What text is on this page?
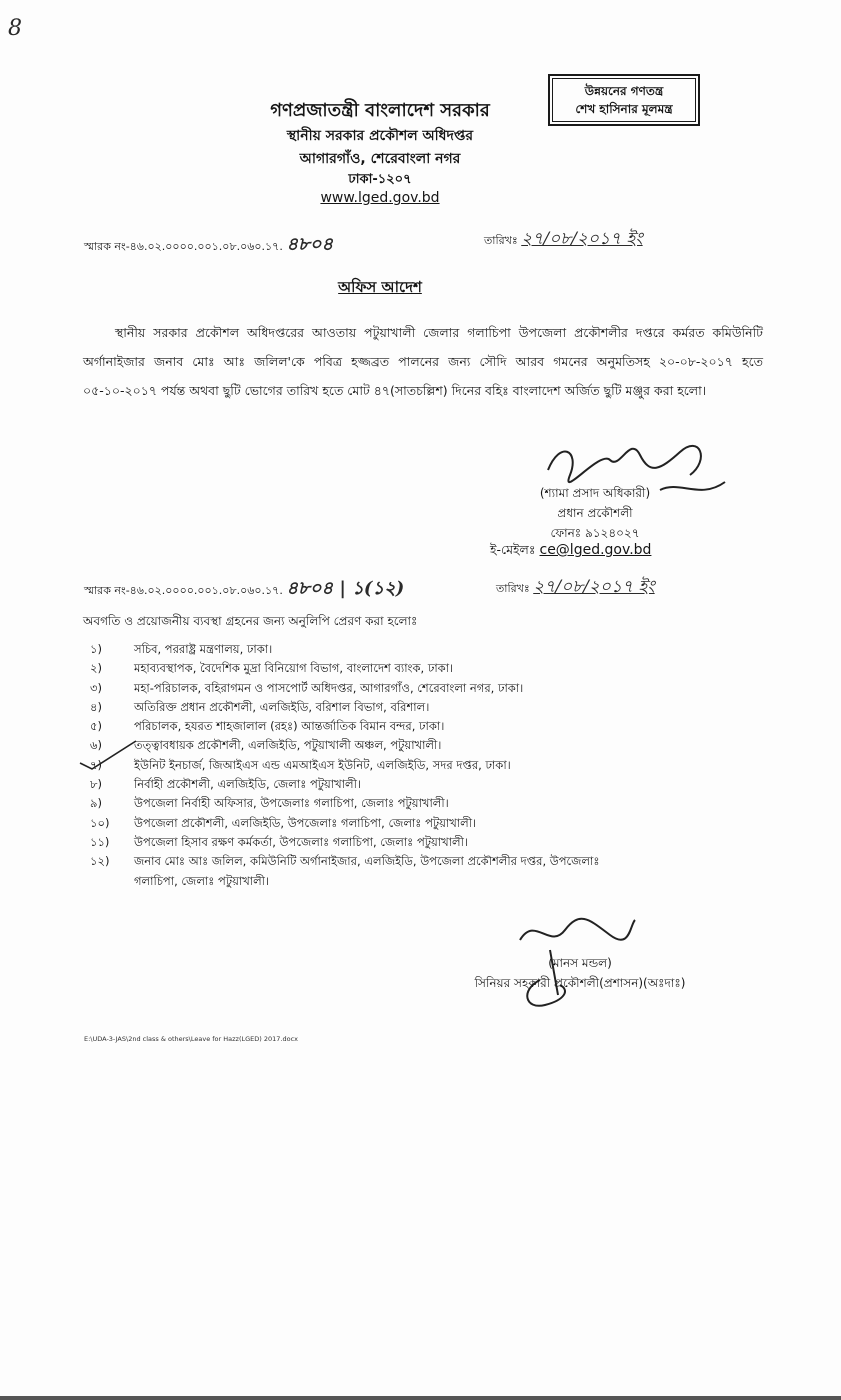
8
উন্নয়নের গণতন্ত্র
শেখ হাসিনার মূলমন্ত্র
গণপ্রজাতন্ত্রী বাংলাদেশ সরকার
স্থানীয় সরকার প্রকৌশল অধিদপ্তর
আগারগাঁও, শেরেবাংলা নগর
ঢাকা-১২০৭
www.lged.gov.bd
স্মারক নং-৪৬.০২.০০০০.০০১.০৮.০৬০.১৭. ৪৮০৪	তারিখঃ ২৭/০৮/২০১৭ ইং
অফিস আদেশ
স্থানীয় সরকার প্রকৌশল অধিদপ্তরের আওতায় পটুয়াখালী জেলার গলাচিপা উপজেলা প্রকৌশলীর দপ্তরে কর্মরত কমিউনিটি অর্গানাইজার জনাব মোঃ আঃ জলিল'কে পবিত্র হজ্জব্রত পালনের জন্য সৌদি আরব গমনের অনুমতিসহ ২০-০৮-২০১৭ হতে ০৫-১০-২০১৭ পর্যন্ত অথবা ছুটি ভোগের তারিখ হতে মোট ৪৭(সাতচল্লিশ) দিনের বহিঃ বাংলাদেশ অর্জিত ছুটি মঞ্জুর করা হলো।
(শ্যামা প্রসাদ অধিকারী)
প্রধান প্রকৌশলী
ফোনঃ ৯১২৪০২৭
ই-মেইলঃ ce@lged.gov.bd
স্মারক নং-৪৬.০২.০০০০.০০১.০৮.০৬০.১৭. ৪৮০৪ | ১(১২)	তারিখঃ ২৭/০৮/২০১৭ ইং
অবগতি ও প্রয়োজনীয় ব্যবস্থা গ্রহনের জন্য অনুলিপি প্রেরণ করা হলোঃ
১)	সচিব, পররাষ্ট্র মন্ত্রণালয়, ঢাকা।
২)	মহাব্যবস্থাপক, বৈদেশিক মুদ্রা বিনিয়োগ বিভাগ, বাংলাদেশ ব্যাংক, ঢাকা।
৩)	মহা-পরিচালক, বহিরাগমন ও পাসপোর্ট অধিদপ্তর, আগারগাঁও, শেরেবাংলা নগর, ঢাকা।
৪)	অতিরিক্ত প্রধান প্রকৌশলী, এলজিইডি, বরিশাল বিভাগ, বরিশাল।
৫)	পরিচালক, হযরত শাহজালাল (রহঃ) আন্তর্জাতিক বিমান বন্দর, ঢাকা।
৬)	তত্ত্বাবধায়ক প্রকৌশলী, এলজিইডি, পটুয়াখালী অঞ্চল, পটুয়াখালী।
৭)	ইউনিট ইনচার্জ, জিআইএস এন্ড এমআইএস ইউনিট, এলজিইডি, সদর দপ্তর, ঢাকা।
৮)	নির্বাহী প্রকৌশলী, এলজিইডি, জেলাঃ পটুয়াখালী।
৯)	উপজেলা নির্বাহী অফিসার, উপজেলাঃ গলাচিপা, জেলাঃ পটুয়াখালী।
১০)	উপজেলা প্রকৌশলী, এলজিইডি, উপজেলাঃ গলাচিপা, জেলাঃ পটুয়াখালী।
১১)	উপজেলা হিসাব রক্ষণ কর্মকর্তা, উপজেলাঃ গলাচিপা, জেলাঃ পটুয়াখালী।
১২)	জনাব মোঃ আঃ জলিল, কমিউনিটি অর্গানাইজার, এলজিইডি, উপজেলা প্রকৌশলীর দপ্তর, উপজেলাঃ গলাচিপা, জেলাঃ পটুয়াখালী।
(মানস মন্ডল)
সিনিয়র সহকারী প্রকৌশলী(প্রশাসন)(অঃদাঃ)
E:\UDA-3-JAS\2nd class & others\Leave for Hazz(LGED) 2017.docx
